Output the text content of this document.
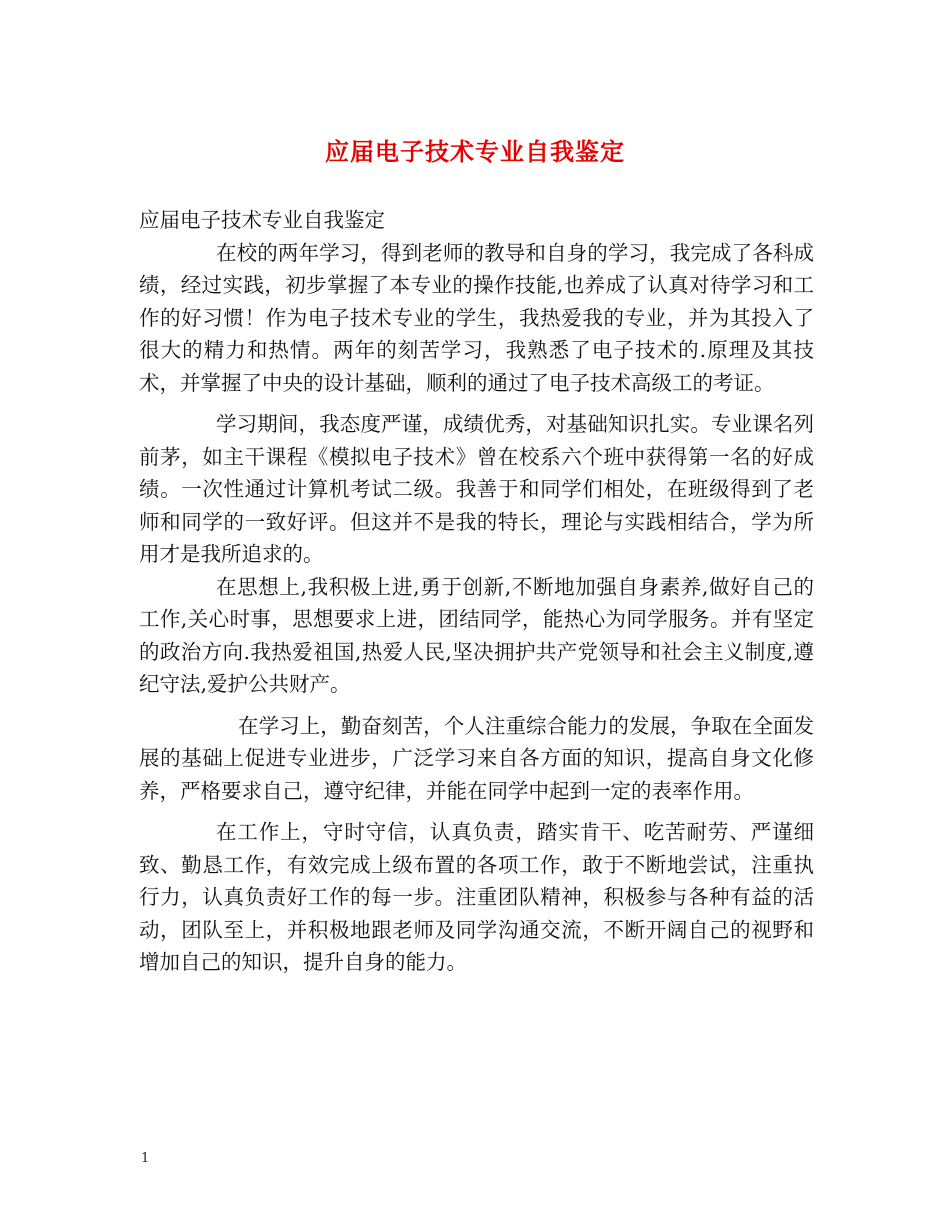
应届电子技术专业自我鉴定

应届电子技术专业自我鉴定

在校的两年学习，得到老师的教导和自身的学习，我完成了各科成绩，经过实践，初步掌握了本专业的操作技能,也养成了认真对待学习和工作的好习惯！作为电子技术专业的学生，我热爱我的专业，并为其投入了很大的精力和热情。两年的刻苦学习，我熟悉了电子技术的.原理及其技术，并掌握了中央的设计基础，顺利的通过了电子技术高级工的考证。

学习期间，我态度严谨，成绩优秀，对基础知识扎实。专业课名列前茅，如主干课程《模拟电子技术》曾在校系六个班中获得第一名的好成绩。一次性通过计算机考试二级。我善于和同学们相处，在班级得到了老师和同学的一致好评。但这并不是我的特长，理论与实践相结合，学为所用才是我所追求的。

在思想上,我积极上进,勇于创新,不断地加强自身素养,做好自己的工作,关心时事，思想要求上进，团结同学，能热心为同学服务。并有坚定的政治方向.我热爱祖国,热爱人民,坚决拥护共产党领导和社会主义制度,遵纪守法,爱护公共财产。

在学习上，勤奋刻苦，个人注重综合能力的发展，争取在全面发展的基础上促进专业进步，广泛学习来自各方面的知识，提高自身文化修养，严格要求自己，遵守纪律，并能在同学中起到一定的表率作用。

在工作上，守时守信，认真负责，踏实肯干、吃苦耐劳、严谨细致、勤恳工作，有效完成上级布置的各项工作，敢于不断地尝试，注重执行力，认真负责好工作的每一步。注重团队精神，积极参与各种有益的活动，团队至上，并积极地跟老师及同学沟通交流，不断开阔自己的视野和增加自己的知识，提升自身的能力。

1
